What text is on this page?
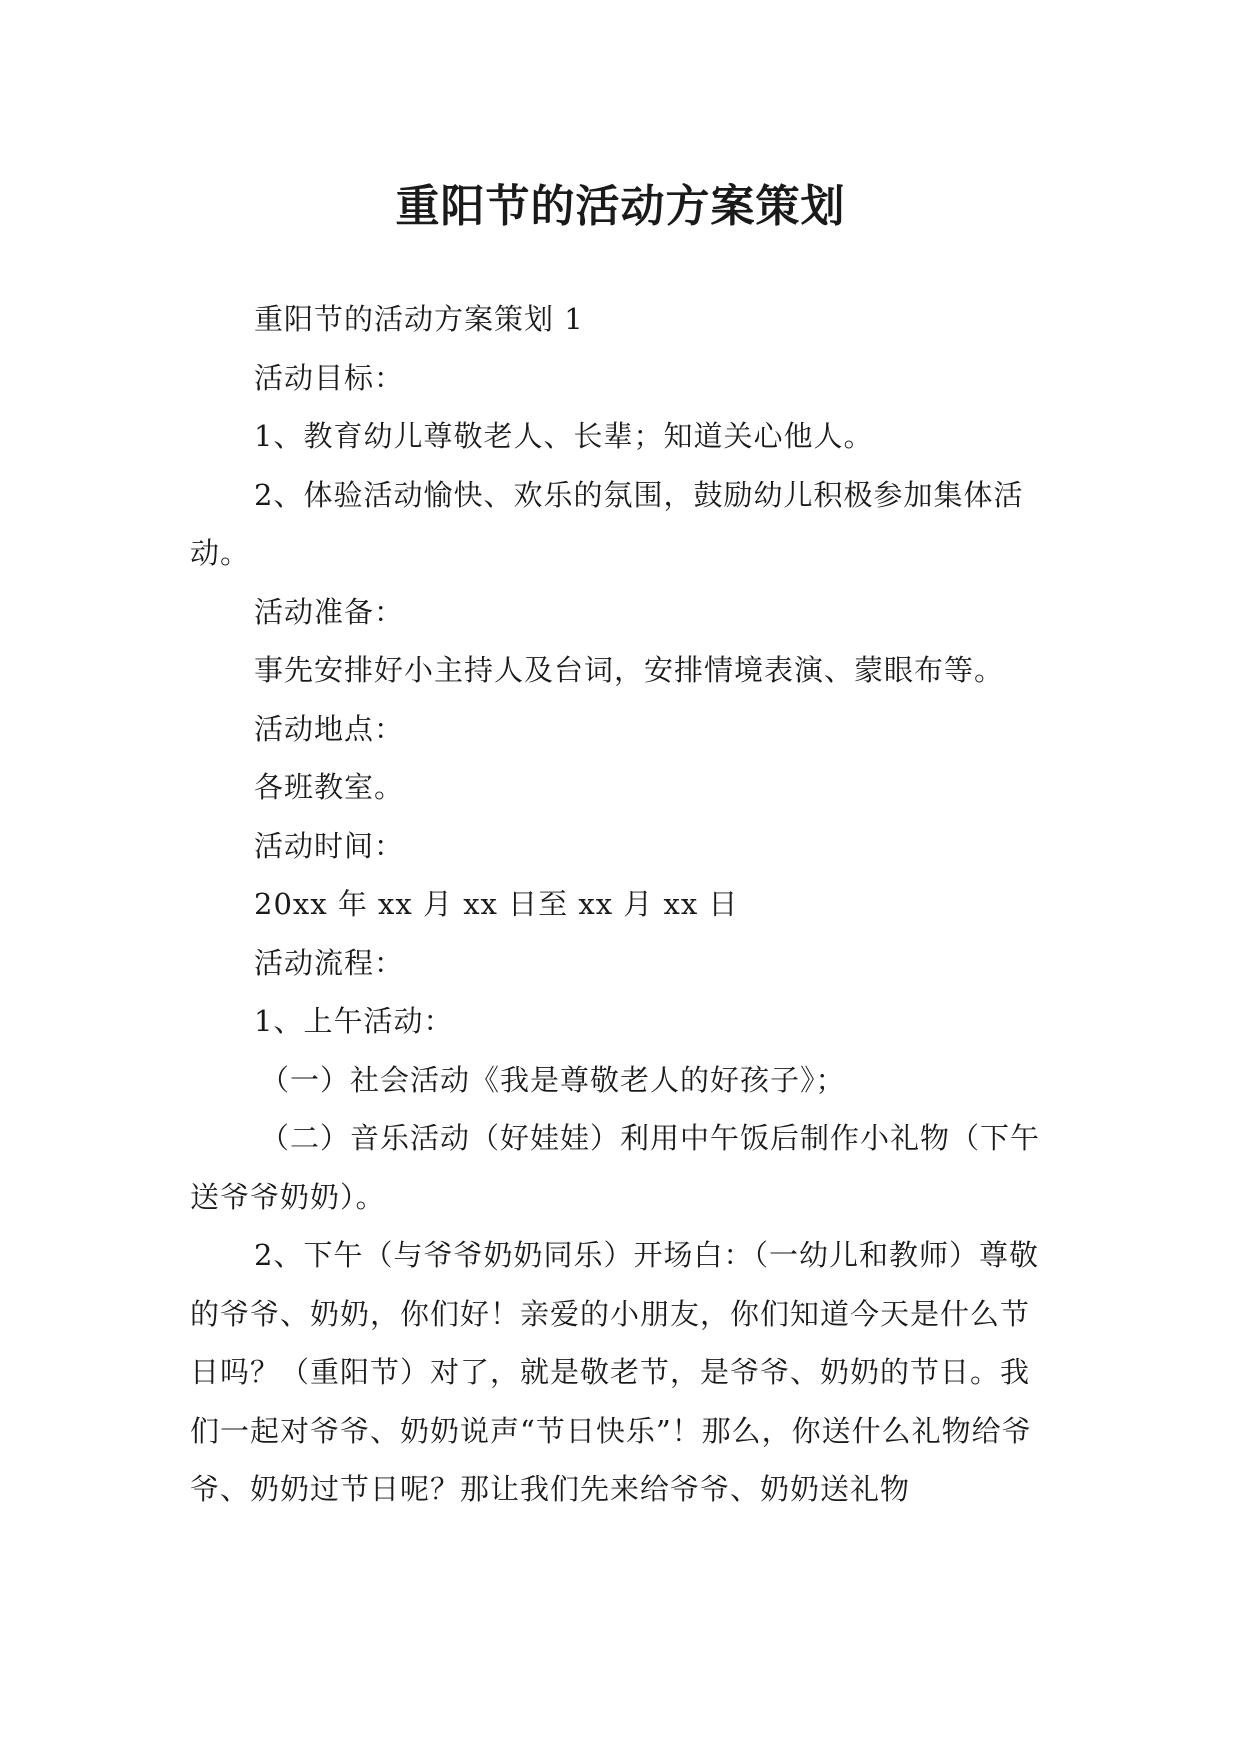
重阳节的活动方案策划

重阳节的活动方案策划 1

活动目标：

1、教育幼儿尊敬老人、长辈；知道关心他人。

2、体验活动愉快、欢乐的氛围，鼓励幼儿积极参加集体活动。

活动准备：

事先安排好小主持人及台词，安排情境表演、蒙眼布等。

活动地点：

各班教室。

活动时间：

20xx 年 xx 月 xx 日至 xx 月 xx 日

活动流程：

1、上午活动：

（一）社会活动《我是尊敬老人的好孩子》；

（二）音乐活动（好娃娃）利用中午饭后制作小礼物（下午送爷爷奶奶）。

2、下午（与爷爷奶奶同乐）开场白：（一幼儿和教师）尊敬的爷爷、奶奶，你们好！亲爱的小朋友，你们知道今天是什么节日吗？（重阳节）对了，就是敬老节，是爷爷、奶奶的节日。我们一起对爷爷、奶奶说声“节日快乐”！那么，你送什么礼物给爷爷、奶奶过节日呢？那让我们先来给爷爷、奶奶送礼物
